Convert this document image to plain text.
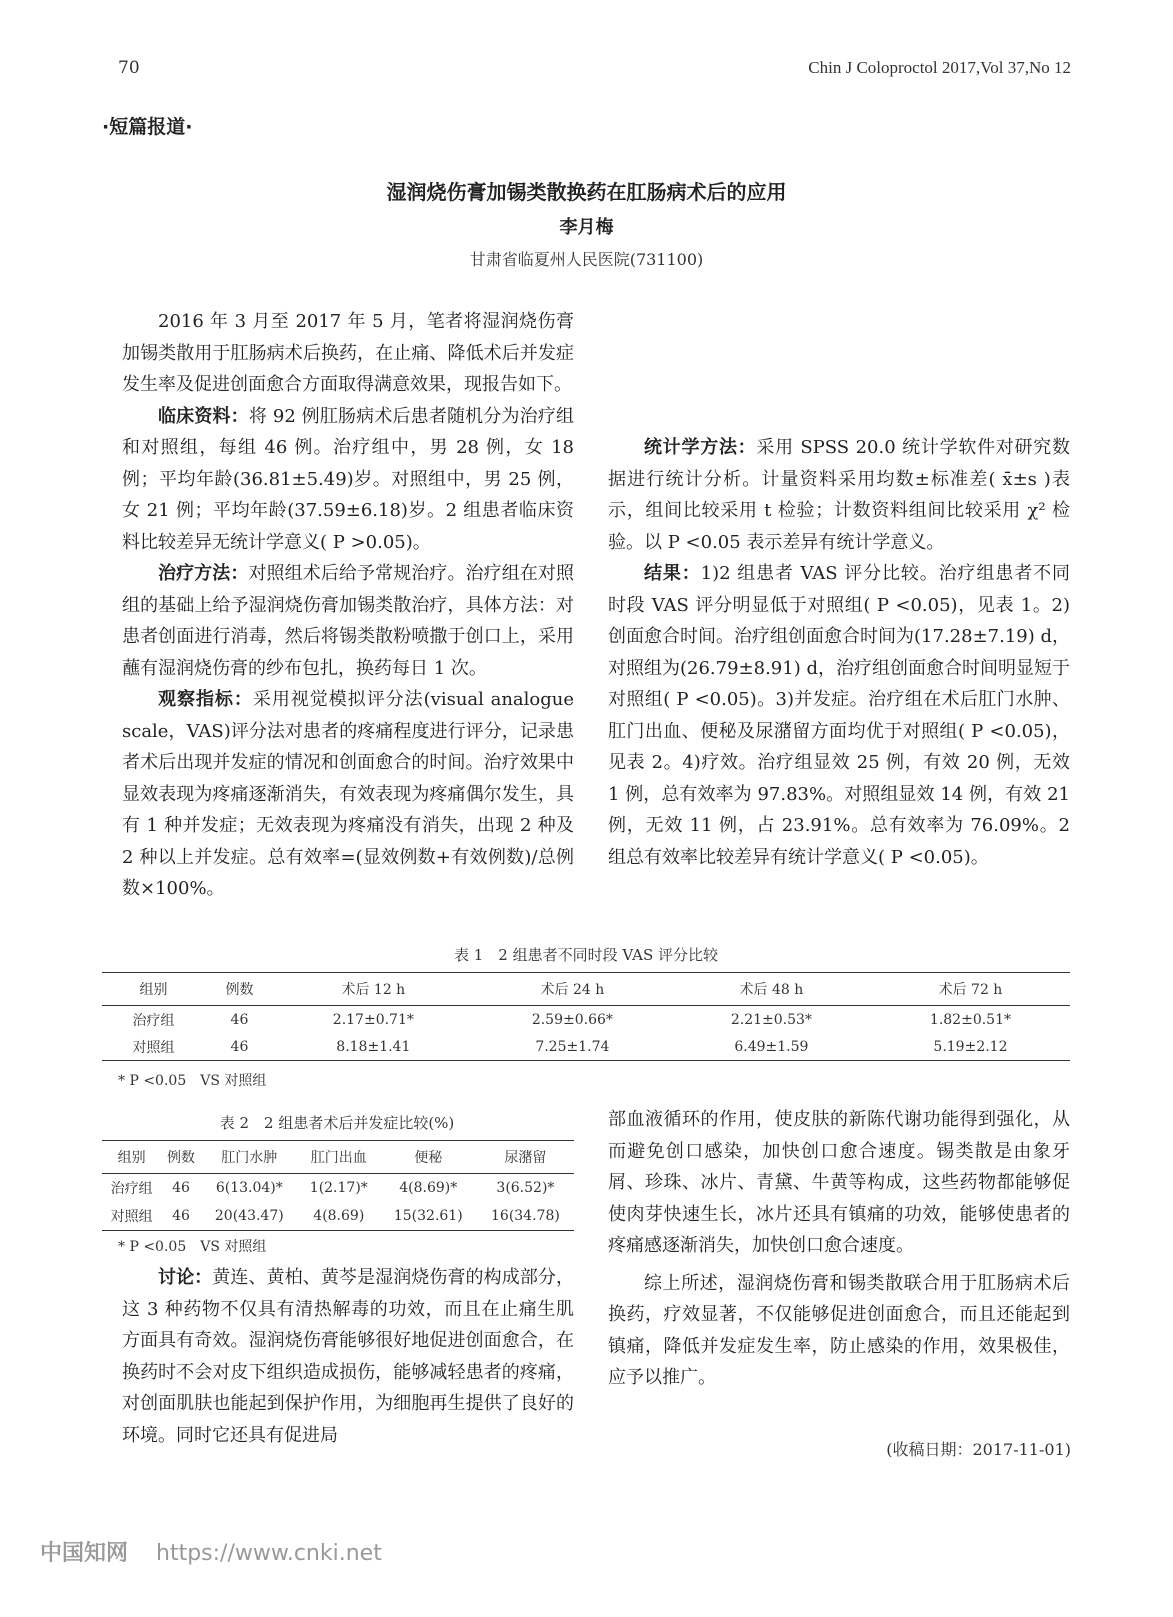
70	Chin J Coloproctol 2017,Vol 37,No 12
·短篇报道·
湿润烧伤膏加锡类散换药在肛肠病术后的应用
李月梅
甘肃省临夏州人民医院(731100)

2016 年 3 月至 2017 年 5 月，笔者将湿润烧伤膏加锡类散用于肛肠病术后换药，在止痛、降低术后并发症发生率及促进创面愈合方面取得满意效果，现报告如下。

临床资料：将 92 例肛肠病术后患者随机分为治疗组和对照组，每组 46 例。治疗组中，男 28 例，女 18 例；平均年龄(36.81±5.49)岁。对照组中，男 25 例，女 21 例；平均年龄(37.59±6.18)岁。2 组患者临床资料比较差异无统计学意义( P >0.05)。

治疗方法：对照组术后给予常规治疗。治疗组在对照组的基础上给予湿润烧伤膏加锡类散治疗，具体方法：对患者创面进行消毒，然后将锡类散粉喷撒于创口上，采用蘸有湿润烧伤膏的纱布包扎，换药每日 1 次。

观察指标：采用视觉模拟评分法(visual analogue scale，VAS)评分法对患者的疼痛程度进行评分，记录患者术后出现并发症的情况和创面愈合的时间。治疗效果中显效表现为疼痛逐渐消失，有效表现为疼痛偶尔发生，具有 1 种并发症；无效表现为疼痛没有消失，出现 2 种及 2 种以上并发症。总有效率=(显效例数+有效例数)/总例数×100%。

统计学方法：采用 SPSS 20.0 统计学软件对研究数据进行统计分析。计量资料采用均数±标准差( x̄±s )表示，组间比较采用 t 检验；计数资料组间比较采用 χ² 检验。以 P <0.05 表示差异有统计学意义。

结果：1)2 组患者 VAS 评分比较。治疗组患者不同时段 VAS 评分明显低于对照组( P <0.05)，见表 1。2)创面愈合时间。治疗组创面愈合时间为(17.28±7.19) d，对照组为(26.79±8.91) d，治疗组创面愈合时间明显短于对照组( P <0.05)。3)并发症。治疗组在术后肛门水肿、肛门出血、便秘及尿潴留方面均优于对照组( P <0.05)，见表 2。4)疗效。治疗组显效 25 例，有效 20 例，无效 1 例，总有效率为 97.83%。对照组显效 14 例，有效 21 例，无效 11 例，占 23.91%。总有效率为 76.09%。2 组总有效率比较差异有统计学意义( P <0.05)。

表 1　2 组患者不同时段 VAS 评分比较
组别	例数	术后 12 h	术后 24 h	术后 48 h	术后 72 h
治疗组	46	2.17±0.71*	2.59±0.66*	2.21±0.53*	1.82±0.51*
对照组	46	8.18±1.41	7.25±1.74	6.49±1.59	5.19±2.12
* P <0.05　VS 对照组
表 2　2 组患者术后并发症比较(%)
组别	例数	肛门水肿	肛门出血	便秘	尿潴留
治疗组	46	6(13.04)*	1(2.17)*	4(8.69)*	3(6.52)*
对照组	46	20(43.47)	4(8.69)	15(32.61)	16(34.78)
* P <0.05　VS 对照组

讨论：黄连、黄柏、黄芩是湿润烧伤膏的构成部分，这 3 种药物不仅具有清热解毒的功效，而且在止痛生肌方面具有奇效。湿润烧伤膏能够很好地促进创面愈合，在换药时不会对皮下组织造成损伤，能够减轻患者的疼痛，对创面肌肤也能起到保护作用，为细胞再生提供了良好的环境。同时它还具有促进局

部血液循环的作用，使皮肤的新陈代谢功能得到强化，从而避免创口感染，加快创口愈合速度。锡类散是由象牙屑、珍珠、冰片、青黛、牛黄等构成，这些药物都能够促使肉芽快速生长，冰片还具有镇痛的功效，能够使患者的疼痛感逐渐消失，加快创口愈合速度。

综上所述，湿润烧伤膏和锡类散联合用于肛肠病术后换药，疗效显著，不仅能够促进创面愈合，而且还能起到镇痛，降低并发症发生率，防止感染的作用，效果极佳，应予以推广。

(收稿日期：2017-11-01)
中国知网 https://www.cnki.net
